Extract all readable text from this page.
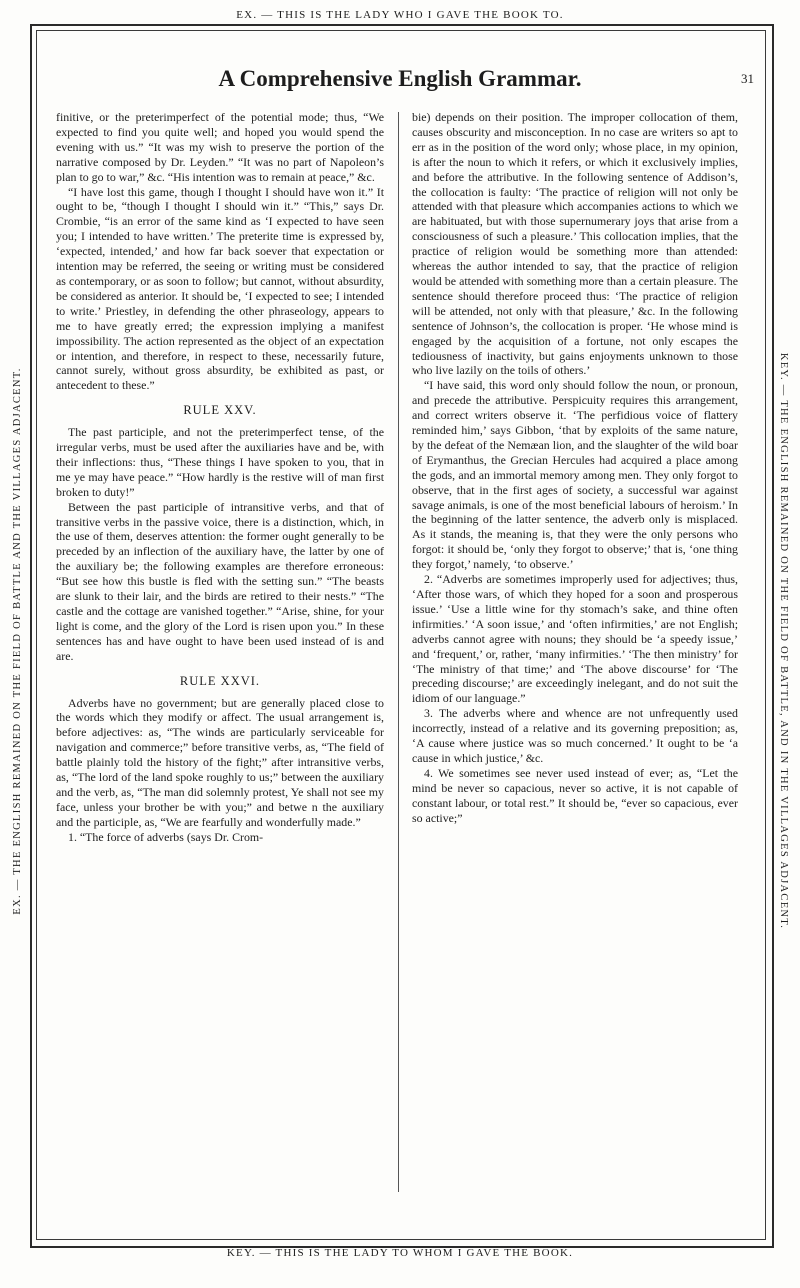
EX. — THIS IS THE LADY WHO I GAVE THE BOOK TO.
KEY. — THIS IS THE LADY TO WHOM I GAVE THE BOOK.
EX. — THE ENGLISH REMAINED ON THE FIELD OF BATTLE AND THE VILLAGES ADJACENT.	KEY. — THE ENGLISH REMAINED ON THE FIELD OF BATTLE, AND IN THE VILLAGES ADJACENT.
A Comprehensive English Grammar.	31

finitive, or the preterimperfect of the potential mode; thus, “We expected to find you quite well; and hoped you would spend the evening with us.” “It was my wish to preserve the portion of the narrative composed by Dr. Leyden.” “It was no part of Napoleon’s plan to go to war,” &c. “His intention was to remain at peace,” &c.

“I have lost this game, though I thought I should have won it.” It ought to be, “though I thought I should win it.” “This,” says Dr. Crombie, “is an error of the same kind as ‘I expected to have seen you; I intended to have written.’ The preterite time is expressed by, ‘expected, intended,’ and how far back soever that expectation or intention may be referred, the seeing or writing must be considered as contemporary, or as soon to follow; but cannot, without absurdity, be considered as anterior. It should be, ‘I expected to see; I intended to write.’ Priestley, in defending the other phraseology, appears to me to have greatly erred; the expression implying a manifest impossibility. The action represented as the object of an expectation or intention, and therefore, in respect to these, necessarily future, cannot surely, without gross absurdity, be exhibited as past, or antecedent to these.”

RULE XXV.

The past participle, and not the preterimperfect tense, of the irregular verbs, must be used after the auxiliaries have and be, with their inflections: thus, “These things I have spoken to you, that in me ye may have peace.” “How hardly is the restive will of man first broken to duty!”

Between the past participle of intransitive verbs, and that of transitive verbs in the passive voice, there is a distinction, which, in the use of them, deserves attention: the former ought generally to be preceded by an inflection of the auxiliary have, the latter by one of the auxiliary be; the following examples are therefore erroneous: “But see how this bustle is fled with the setting sun.” “The beasts are slunk to their lair, and the birds are retired to their nests.” “The castle and the cottage are vanished together.” “Arise, shine, for your light is come, and the glory of the Lord is risen upon you.” In these sentences has and have ought to have been used instead of is and are.

RULE XXVI.

Adverbs have no government; but are generally placed close to the words which they modify or affect. The usual arrangement is, before adjectives: as, “The winds are particularly serviceable for navigation and commerce;” before transitive verbs, as, “The field of battle plainly told the history of the fight;” after intransitive verbs, as, “The lord of the land spoke roughly to us;” between the auxiliary and the verb, as, “The man did solemnly protest, Ye shall not see my face, unless your brother be with you;” and betwe n the auxiliary and the participle, as, “We are fearfully and wonderfully made.”

1. “The force of adverbs (says Dr. Crom-

bie) depends on their position. The improper collocation of them, causes obscurity and misconception. In no case are writers so apt to err as in the position of the word only; whose place, in my opinion, is after the noun to which it refers, or which it exclusively implies, and before the attributive. In the following sentence of Addison’s, the collocation is faulty: ‘The practice of religion will not only be attended with that pleasure which accompanies actions to which we are habituated, but with those supernumerary joys that arise from a consciousness of such a pleasure.’ This collocation implies, that the practice of religion would be something more than attended: whereas the author intended to say, that the practice of religion would be attended with something more than a certain pleasure. The sentence should therefore proceed thus: ‘The practice of religion will be attended, not only with that pleasure,’ &c. In the following sentence of Johnson’s, the collocation is proper. ‘He whose mind is engaged by the acquisition of a fortune, not only escapes the tediousness of inactivity, but gains enjoyments unknown to those who live lazily on the toils of others.’

“I have said, this word only should follow the noun, or pronoun, and precede the attributive. Perspicuity requires this arrangement, and correct writers observe it. ‘The perfidious voice of flattery reminded him,’ says Gibbon, ‘that by exploits of the same nature, by the defeat of the Nemæan lion, and the slaughter of the wild boar of Erymanthus, the Grecian Hercules had acquired a place among the gods, and an immortal memory among men. They only forgot to observe, that in the first ages of society, a successful war against savage animals, is one of the most beneficial labours of heroism.’ In the beginning of the latter sentence, the adverb only is misplaced. As it stands, the meaning is, that they were the only persons who forgot: it should be, ‘only they forgot to observe;’ that is, ‘one thing they forgot,’ namely, ‘to observe.’

2. “Adverbs are sometimes improperly used for adjectives; thus, ‘After those wars, of which they hoped for a soon and prosperous issue.’ ‘Use a little wine for thy stomach’s sake, and thine often infirmities.’ ‘A soon issue,’ and ‘often infirmities,’ are not English; adverbs cannot agree with nouns; they should be ‘a speedy issue,’ and ‘frequent,’ or, rather, ‘many infirmities.’ ‘The then ministry’ for ‘The ministry of that time;’ and ‘The above discourse’ for ‘The preceding discourse;’ are exceedingly inelegant, and do not suit the idiom of our language.”

3. The adverbs where and whence are not unfrequently used incorrectly, instead of a relative and its governing preposition; as, ‘A cause where justice was so much concerned.’ It ought to be ‘a cause in which justice,’ &c.

4. We sometimes see never used instead of ever; as, “Let the mind be never so capacious, never so active, it is not capable of constant labour, or total rest.” It should be, “ever so capacious, ever so active;”
